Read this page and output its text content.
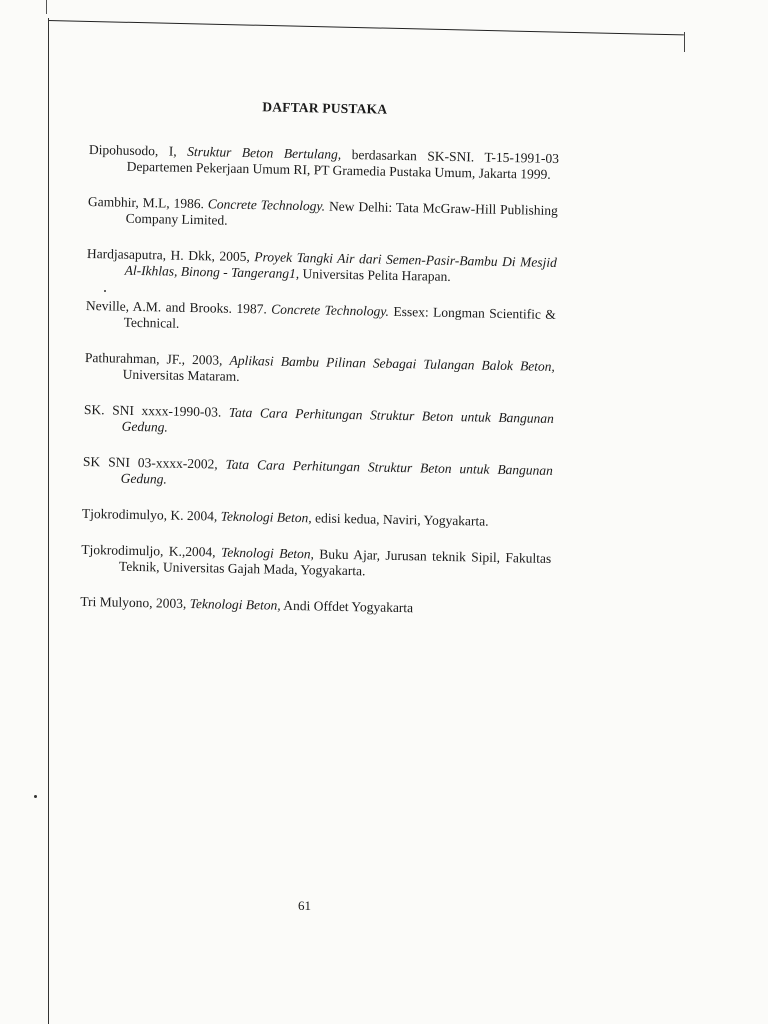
DAFTAR PUSTAKA
Dipohusodo, I, Struktur Beton Bertulang, berdasarkan SK-SNI. T-15-1991-03 Departemen Pekerjaan Umum RI, PT Gramedia Pustaka Umum, Jakarta 1999.
Gambhir, M.L, 1986. Concrete Technology. New Delhi: Tata McGraw-Hill Publishing Company Limited.
Hardjasaputra, H. Dkk, 2005, Proyek Tangki Air dari Semen-Pasir-Bambu Di Mesjid Al-Ikhlas, Binong - Tangerang1, Universitas Pelita Harapan.
Neville, A.M. and Brooks. 1987. Concrete Technology. Essex: Longman Scientific & Technical.
Pathurahman, JF., 2003, Aplikasi Bambu Pilinan Sebagai Tulangan Balok Beton, Universitas Mataram.
SK. SNI xxxx-1990-03. Tata Cara Perhitungan Struktur Beton untuk Bangunan Gedung.
SK SNI 03-xxxx-2002, Tata Cara Perhitungan Struktur Beton untuk Bangunan Gedung.
Tjokrodimulyo, K. 2004, Teknologi Beton, edisi kedua, Naviri, Yogyakarta.
Tjokrodimuljo, K.,2004, Teknologi Beton, Buku Ajar, Jurusan teknik Sipil, Fakultas Teknik, Universitas Gajah Mada, Yogyakarta.
Tri Mulyono, 2003, Teknologi Beton, Andi Offdet Yogyakarta
61
